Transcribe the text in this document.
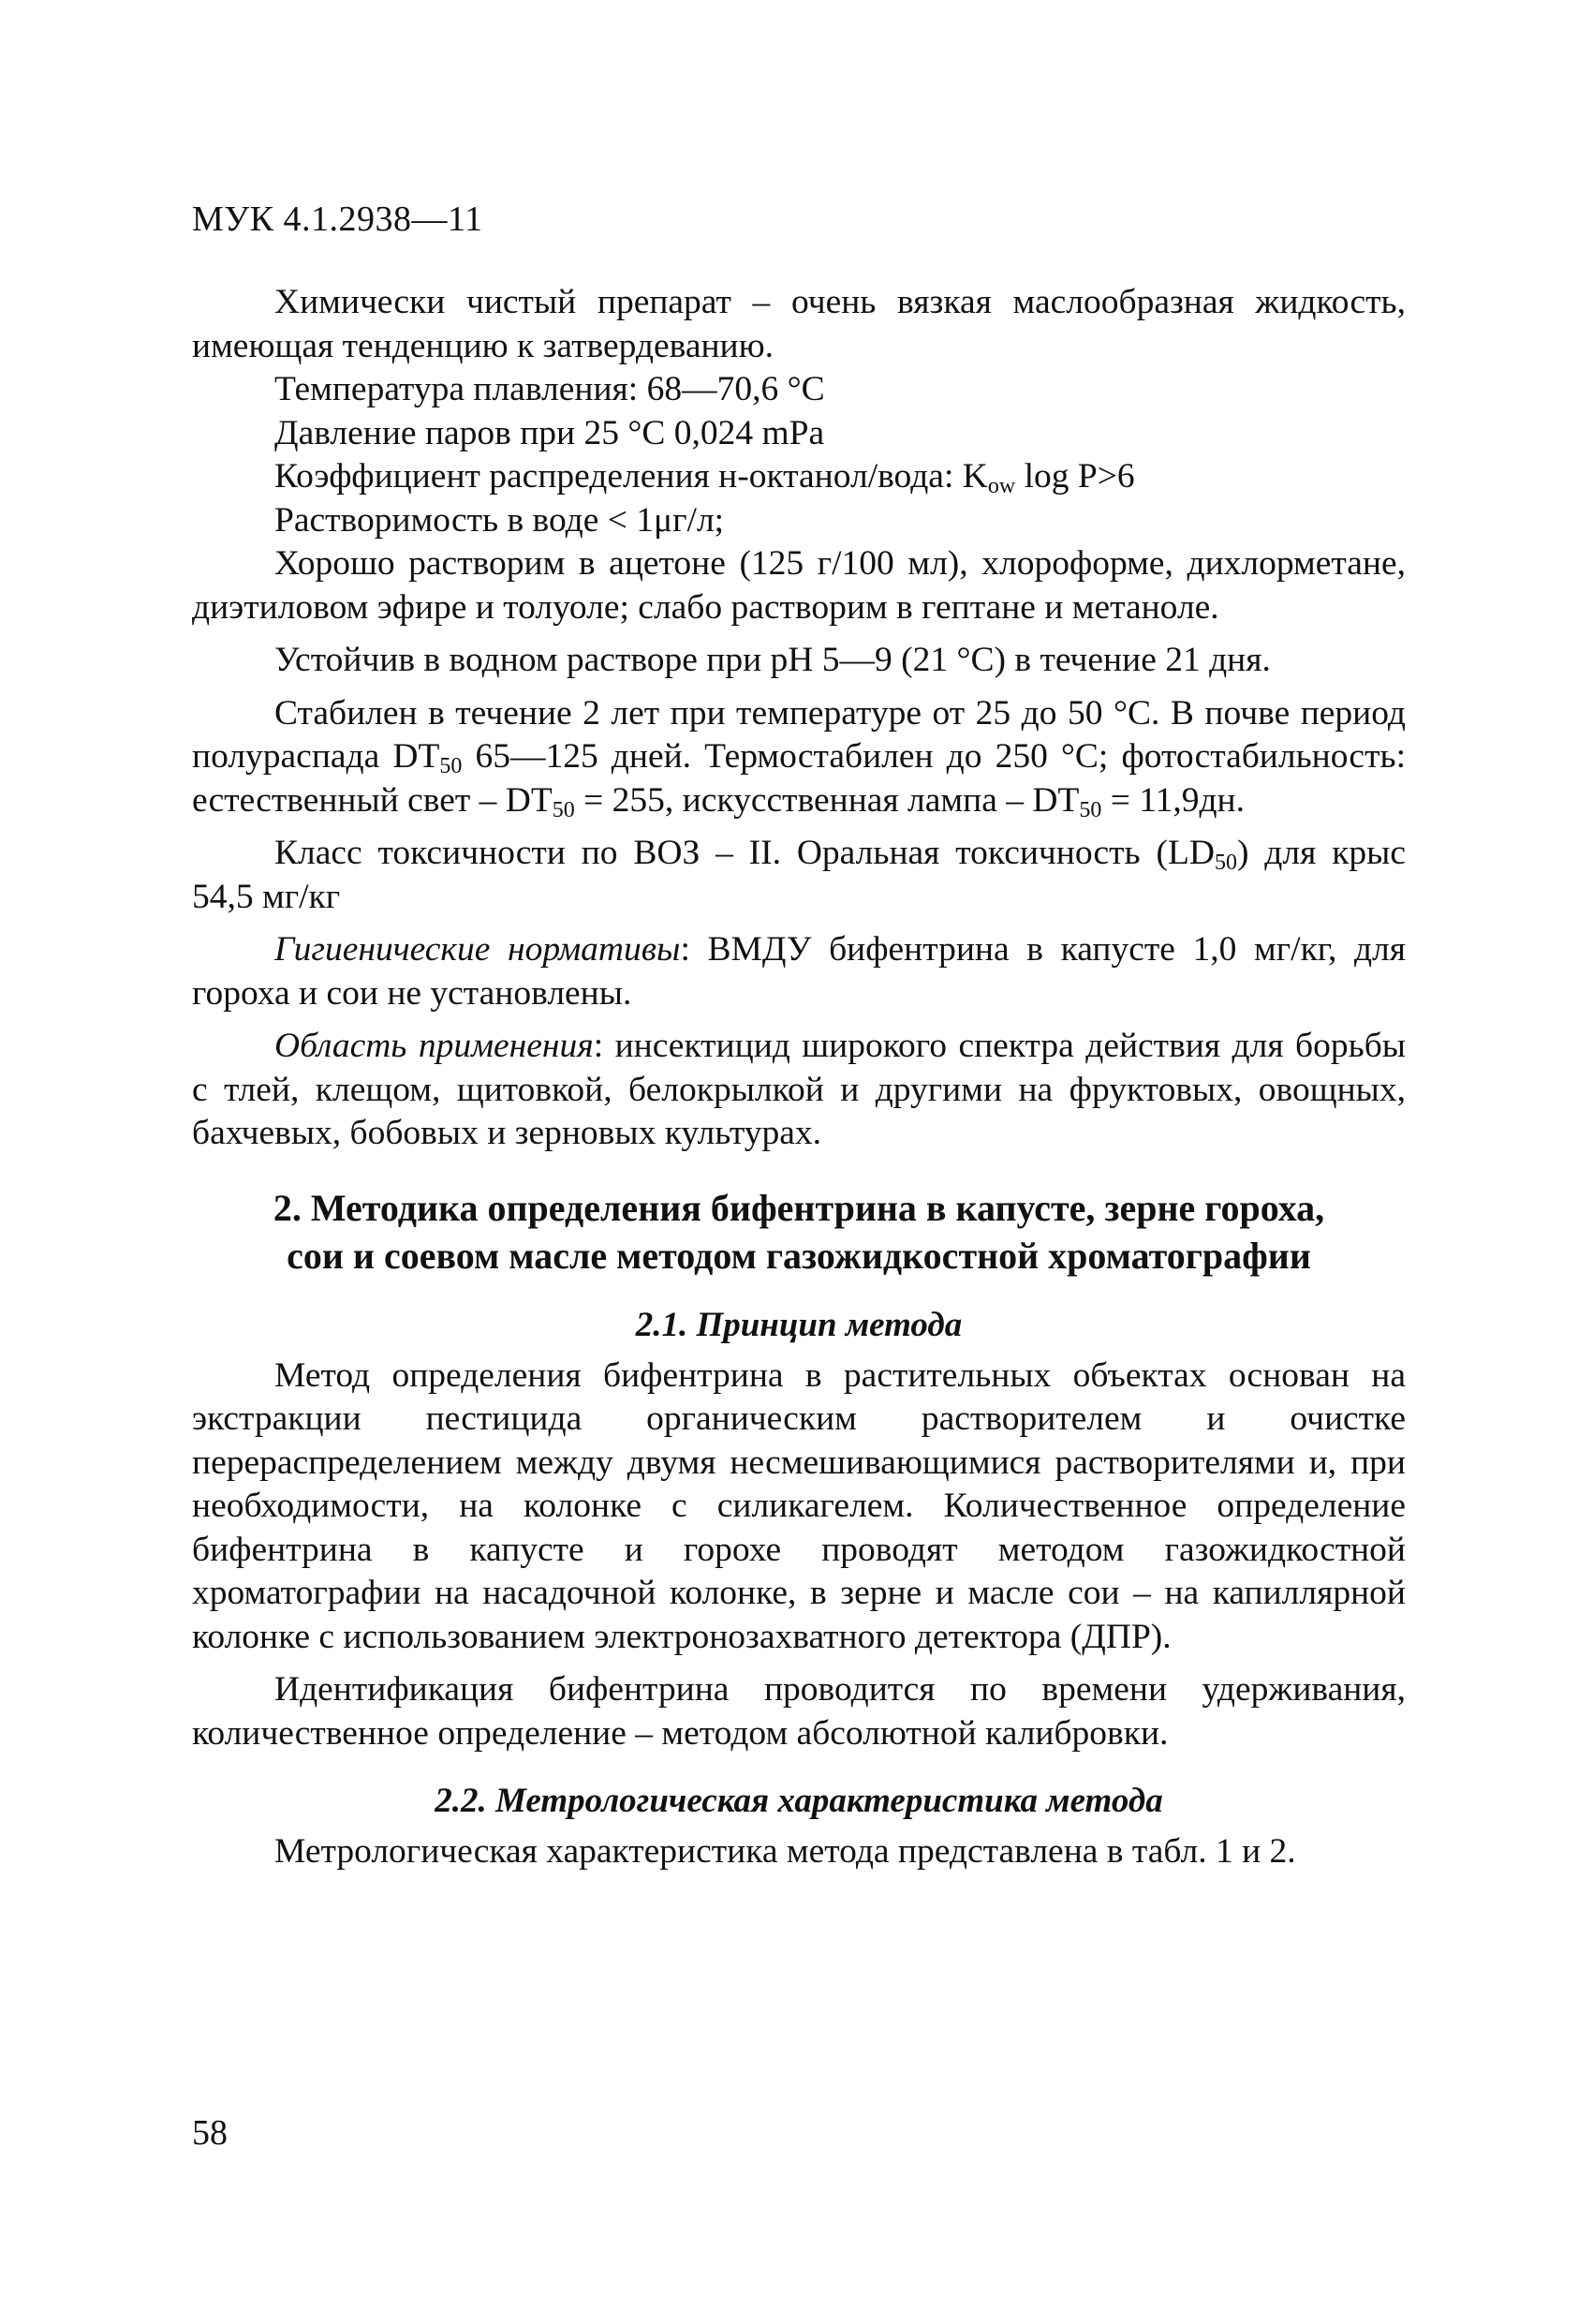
МУК 4.1.2938—11

Химически чистый препарат – очень вязкая маслообразная жидкость, имеющая тенденцию к затвердеванию.

Температура плавления: 68—70,6 °С

Давление паров при 25 °С 0,024 mPa

Коэффициент распределения н-октанол/вода: $K_{ow}$ log P>6

Растворимость в воде < 1μг/л;

Хорошо растворим в ацетоне (125 г/100 мл), хлороформе, дихлорметане, диэтиловом эфире и толуоле; слабо растворим в гептане и метаноле.

Устойчив в водном растворе при pH 5—9 (21 °С) в течение 21 дня.

Стабилен в течение 2 лет при температуре от 25 до 50 °С. В почве период полураспада $DT_{50}$ 65—125 дней. Термостабилен до 250 °С; фотостабильность: естественный свет – $DT_{50} = 255$, искусственная лампа – $DT_{50} = 11,9дн$.

Класс токсичности по ВОЗ – II. Оральная токсичность $(LD_{50})$ для крыс 54,5 мг/кг

Гигиенические нормативы: ВМДУ бифентрина в капусте 1,0 мг/кг, для гороха и сои не установлены.

Область применения: инсектицид широкого спектра действия для борьбы с тлей, клещом, щитовкой, белокрылкой и другими на фруктовых, овощных, бахчевых, бобовых и зерновых культурах.

2. Методика определения бифентрина в капусте, зерне гороха,
сои и соевом масле методом газожидкостной хроматографии
2.1. Принцип метода

Метод определения бифентрина в растительных объектах основан на экстракции пестицида органическим растворителем и очистке перераспределением между двумя несмешивающимися растворителями и, при необходимости, на колонке с силикагелем. Количественное определение бифентрина в капусте и горохе проводят методом газожидкостной хроматографии на насадочной колонке, в зерне и масле сои – на капиллярной колонке с использованием электронозахватного детектора (ДПР).

Идентификация бифентрина проводится по времени удерживания, количественное определение – методом абсолютной калибровки.

2.2. Метрологическая характеристика метода

Метрологическая характеристика метода представлена в табл. 1 и 2.

58
